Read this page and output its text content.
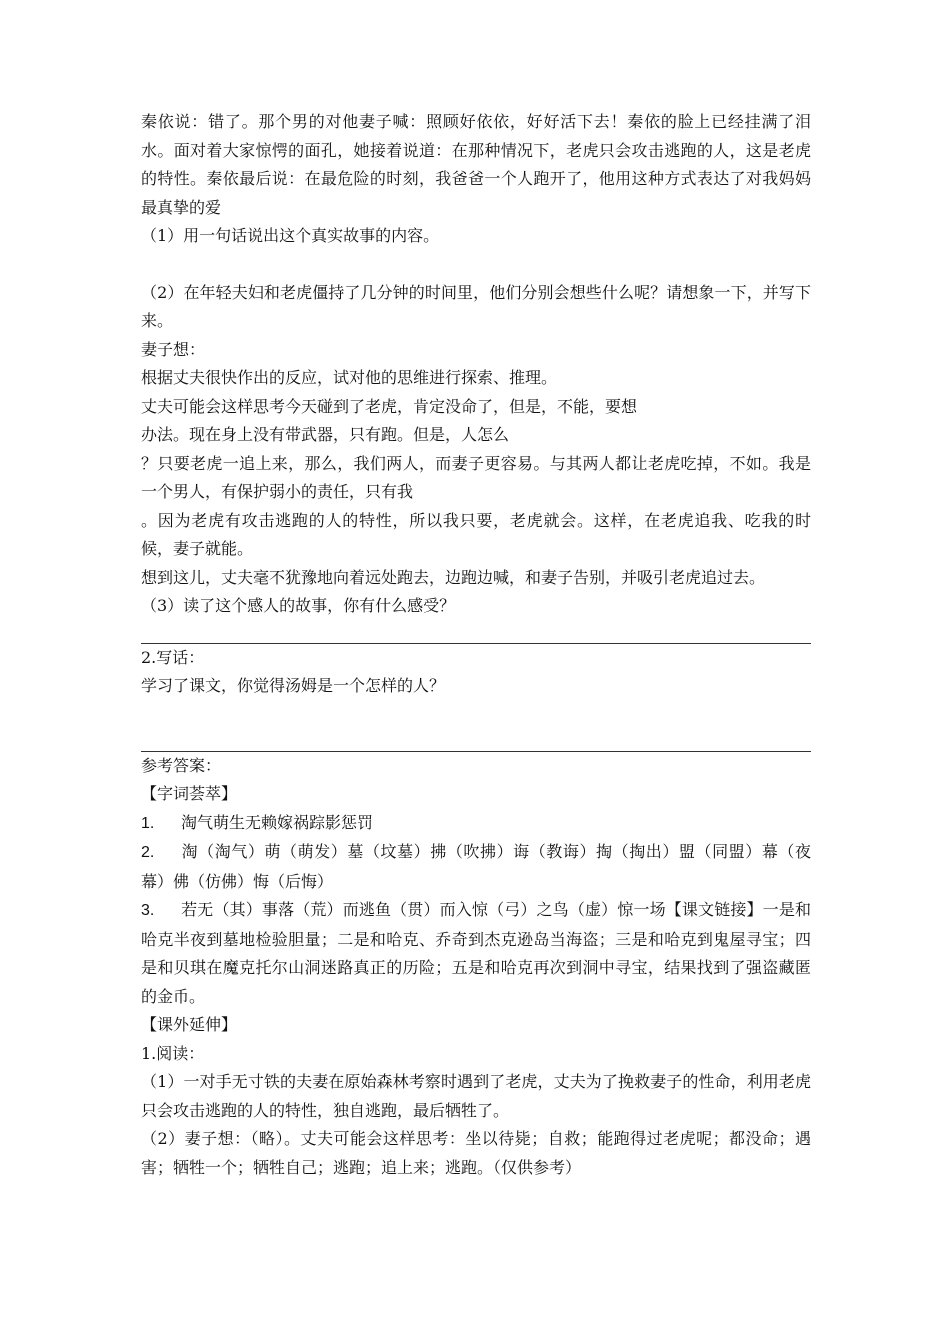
秦依说：错了。那个男的对他妻子喊：照顾好依依，好好活下去！秦依的脸上已经挂满了泪水。面对着大家惊愕的面孔，她接着说道：在那种情况下，老虎只会攻击逃跑的人，这是老虎的特性。秦依最后说：在最危险的时刻，我爸爸一个人跑开了，他用这种方式表达了对我妈妈最真挚的爱

（1）用一句话说出这个真实故事的内容。

（2）在年轻夫妇和老虎僵持了几分钟的时间里，他们分别会想些什么呢？请想象一下，并写下来。

妻子想：

根据丈夫很快作出的反应，试对他的思维进行探索、推理。

丈夫可能会这样思考今天碰到了老虎，肯定没命了，但是，不能，要想

办法。现在身上没有带武器，只有跑。但是，人怎么

？只要老虎一追上来，那么，我们两人，而妻子更容易。与其两人都让老虎吃掉，不如。我是一个男人，有保护弱小的责任，只有我

。因为老虎有攻击逃跑的人的特性，所以我只要，老虎就会。这样，在老虎追我、吃我的时候，妻子就能。

想到这儿，丈夫毫不犹豫地向着远处跑去，边跑边喊，和妻子告别，并吸引老虎追过去。

（3）读了这个感人的故事，你有什么感受？

2.写话：

学习了课文，你觉得汤姆是一个怎样的人？

参考答案：

【字词荟萃】

1. 淘气萌生无赖嫁祸踪影惩罚

2. 淘（淘气）萌（萌发）墓（坟墓）拂（吹拂）诲（教诲）掏（掏出）盟（同盟）幕（夜幕）佛（仿佛）悔（后悔）

3. 若无（其）事落（荒）而逃鱼（贯）而入惊（弓）之鸟（虚）惊一场【课文链接】一是和哈克半夜到墓地检验胆量；二是和哈克、乔奇到杰克逊岛当海盗；三是和哈克到鬼屋寻宝；四是和贝琪在魔克托尔山洞迷路真正的历险；五是和哈克再次到洞中寻宝，结果找到了强盗藏匿的金币。

【课外延伸】

1.阅读：

（1）一对手无寸铁的夫妻在原始森林考察时遇到了老虎，丈夫为了挽救妻子的性命，利用老虎只会攻击逃跑的人的特性，独自逃跑，最后牺牲了。

（2）妻子想：（略）。丈夫可能会这样思考：坐以待毙；自救；能跑得过老虎呢；都没命；遇害；牺牲一个；牺牲自己；逃跑；追上来；逃跑。（仅供参考）
